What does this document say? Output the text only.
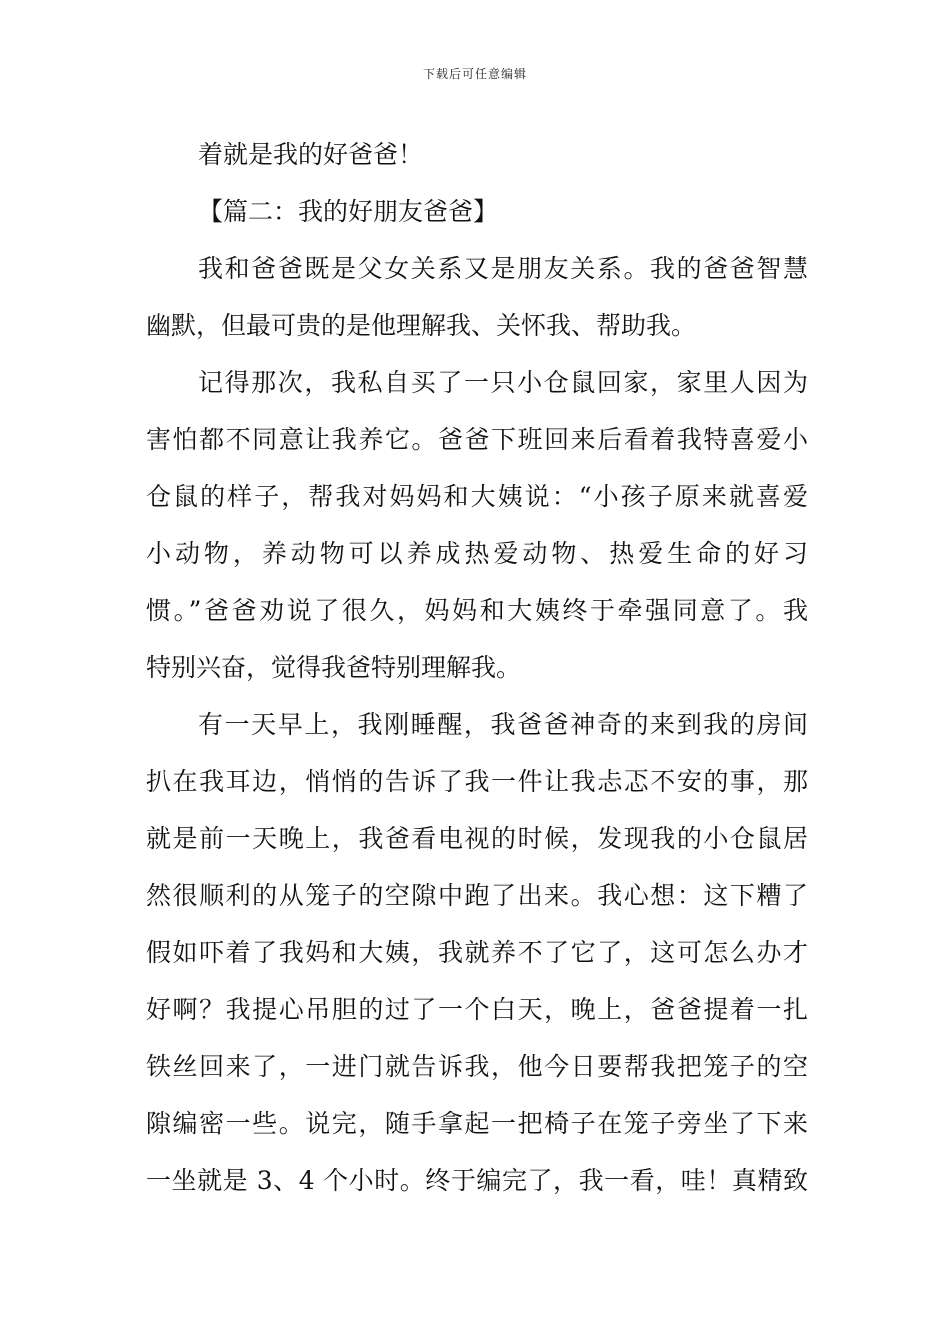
下载后可任意编辑
着就是我的好爸爸！
【篇二：我的好朋友爸爸】
我和爸爸既是父女关系又是朋友关系。我的爸爸智慧
幽默，但最可贵的是他理解我、关怀我、帮助我。
记得那次，我私自买了一只小仓鼠回家，家里人因为
害怕都不同意让我养它。爸爸下班回来后看着我特喜爱小
仓鼠的样子，帮我对妈妈和大姨说：“小孩子原来就喜爱
小动物，养动物可以养成热爱动物、热爱生命的好习
惯。”爸爸劝说了很久，妈妈和大姨终于牵强同意了。我
特别兴奋，觉得我爸特别理解我。
有一天早上，我刚睡醒，我爸爸神奇的来到我的房间
扒在我耳边，悄悄的告诉了我一件让我忐忑不安的事，那
就是前一天晚上，我爸看电视的时候，发现我的小仓鼠居
然很顺利的从笼子的空隙中跑了出来。我心想：这下糟了
假如吓着了我妈和大姨，我就养不了它了，这可怎么办才
好啊？我提心吊胆的过了一个白天，晚上，爸爸提着一扎
铁丝回来了，一进门就告诉我，他今日要帮我把笼子的空
隙编密一些。说完，随手拿起一把椅子在笼子旁坐了下来
一坐就是 3、4 个小时。终于编完了，我一看，哇！真精致
